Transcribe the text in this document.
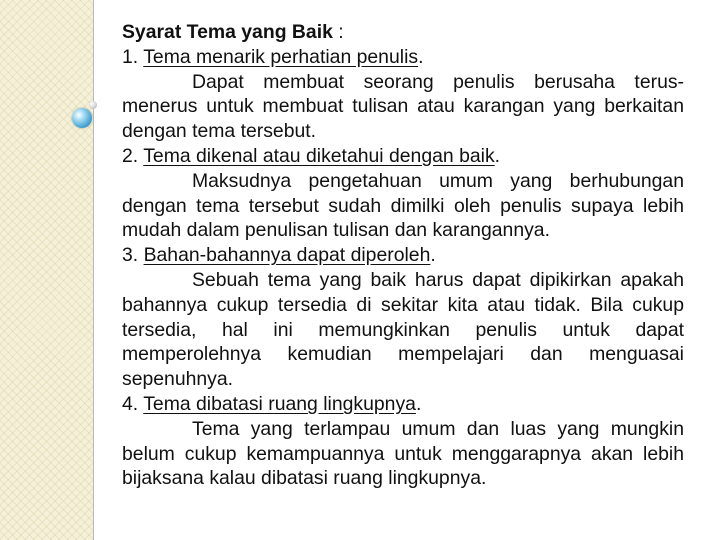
Syarat Tema yang Baik :

1. Tema menarik perhatian penulis.

Dapat membuat seorang penulis berusaha terus-menerus untuk membuat tulisan atau karangan yang berkaitan dengan tema tersebut.

2. Tema dikenal atau diketahui dengan baik.

Maksudnya pengetahuan umum yang berhubungan dengan tema tersebut sudah dimilki oleh penulis supaya lebih mudah dalam penulisan tulisan dan karangannya.

3. Bahan-bahannya dapat diperoleh.

Sebuah tema yang baik harus dapat dipikirkan apakah bahannya cukup tersedia di sekitar kita atau tidak. Bila cukup tersedia, hal ini memungkinkan penulis untuk dapat memperolehnya kemudian mempelajari dan menguasai sepenuhnya.

4. Tema dibatasi ruang lingkupnya.

Tema yang terlampau umum dan luas yang mungkin belum cukup kemampuannya untuk menggarapnya akan lebih bijaksana kalau dibatasi ruang lingkupnya.
